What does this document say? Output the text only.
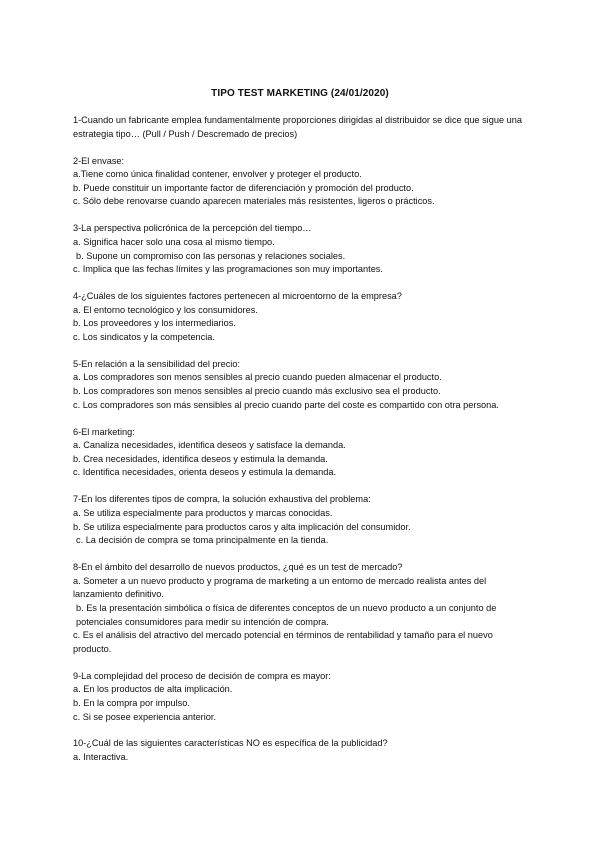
TIPO TEST MARKETING (24/01/2020)
1-Cuando un fabricante emplea fundamentalmente proporciones dirigidas al distribuidor se dice que sigue una estrategia tipo… (Pull / Push / Descremado de precios)
2-El envase:
a.Tiene como única finalidad contener, envolver y proteger el producto.
b. Puede constituir un importante factor de diferenciación y promoción del producto.
c. Sólo debe renovarse cuando aparecen materiales más resistentes, ligeros o prácticos.
3-La perspectiva policrónica de la percepción del tiempo…
a. Significa hacer solo una cosa al mismo tiempo.
b. Supone un compromiso con las personas y relaciones sociales.
c. Implica que las fechas límites y las programaciones son muy importantes.
4-¿Cuáles de los siguientes factores pertenecen al microentorno de la empresa?
a. El entorno tecnológico y los consumidores.
b. Los proveedores y los intermediarios.
c. Los sindicatos y la competencia.
5-En relación a la sensibilidad del precio:
a. Los compradores son menos sensibles al precio cuando pueden almacenar el producto.
b. Los compradores son menos sensibles al precio cuando más exclusivo sea el producto.
c. Los compradores son más sensibles al precio cuando parte del coste es compartido con otra persona.
6-El marketing:
a. Canaliza necesidades, identifica deseos y satisface la demanda.
b. Crea necesidades, identifica deseos y estimula la demanda.
c. Identifica necesidades, orienta deseos y estimula la demanda.
7-En los diferentes tipos de compra, la solución exhaustiva del problema:
a. Se utiliza especialmente para productos y marcas conocidas.
b. Se utiliza especialmente para productos caros y alta implicación del consumidor.
c. La decisión de compra se toma principalmente en la tienda.
8-En el ámbito del desarrollo de nuevos productos, ¿qué es un test de mercado?
a. Someter a un nuevo producto y programa de marketing a un entorno de mercado realista antes del lanzamiento definitivo.
b. Es la presentación simbólica o física de diferentes conceptos de un nuevo producto a un conjunto de potenciales consumidores para medir su intención de compra.
c. Es el análisis del atractivo del mercado potencial en términos de rentabilidad y tamaño para el nuevo producto.
9-La complejidad del proceso de decisión de compra es mayor:
a. En los productos de alta implicación.
b. En la compra por impulso.
c. Si se posee experiencia anterior.
10-¿Cuál de las siguientes características NO es específica de la publicidad?
a. Interactiva.
